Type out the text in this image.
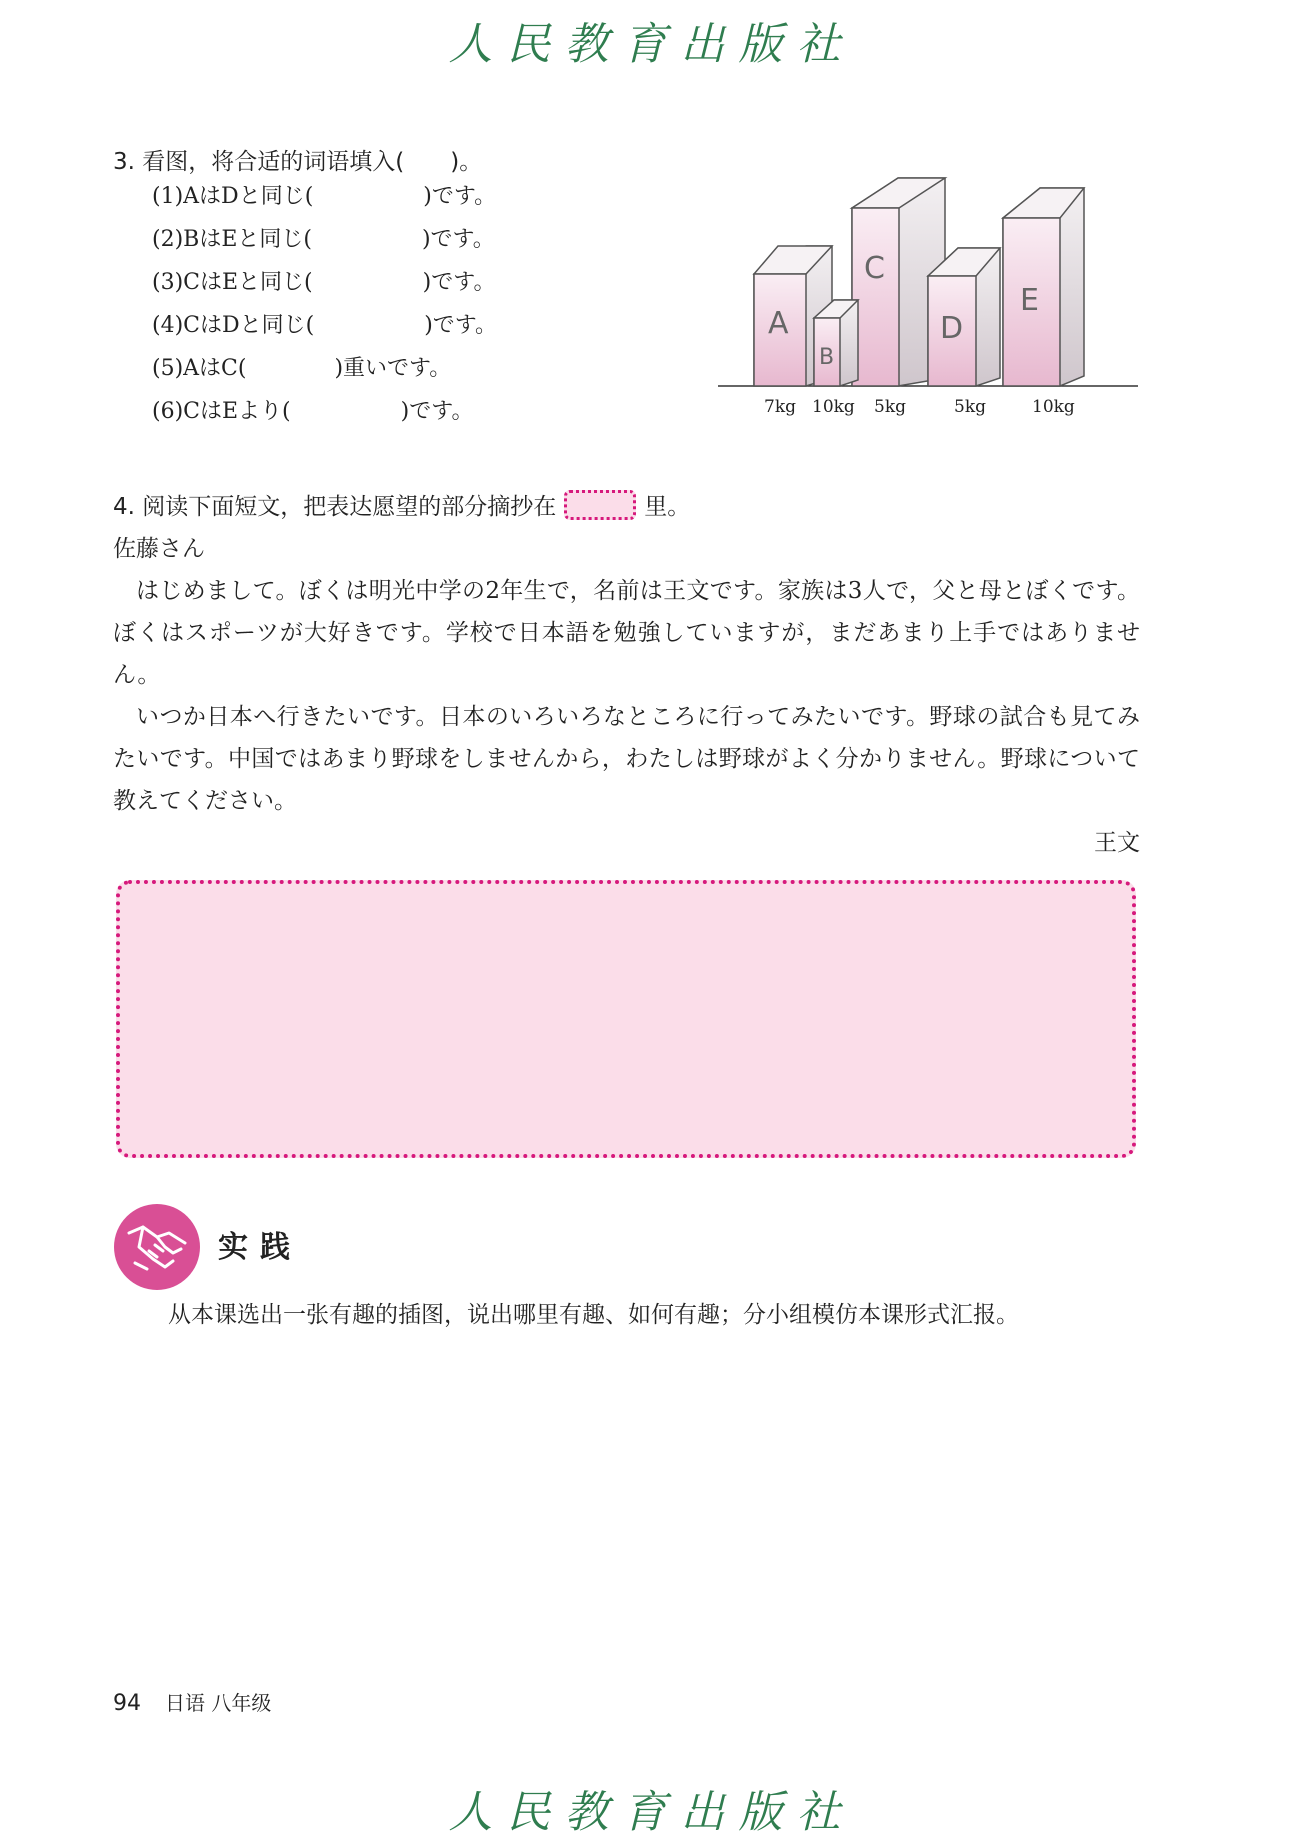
人民教育出版社
3. 看图，将合适的词语填入(　　)。
(1)AはDと同じ(　　　　　)です。
(2)BはEと同じ(　　　　　)です。
(3)CはEと同じ(　　　　　)です。
(4)CはDと同じ(　　　　　)です。
(5)AはC(　　　　)重いです。
(6)CはEより(　　　　　)です。
A
B
C
D
E
7kg 10kg 5kg	5kg	10kg
4. 阅读下面短文，把表达愿望的部分摘抄在	里。

佐藤さん

はじめまして。ぼくは明光中学の2年生で，名前は王文です。家族は3人で，父と母とぼくです。ぼくはスポーツが大好きです。学校で日本語を勉強していますが，まだあまり上手ではありません。

いつか日本へ行きたいです。日本のいろいろなところに行ってみたいです。野球の試合も見てみたいです。中国ではあまり野球をしませんから，わたしは野球がよく分かりません。野球について教えてください。

王文

实践
从本课选出一张有趣的插图，说出哪里有趣、如何有趣；分小组模仿本课形式汇报。
94 日语 八年级
人民教育出版社
